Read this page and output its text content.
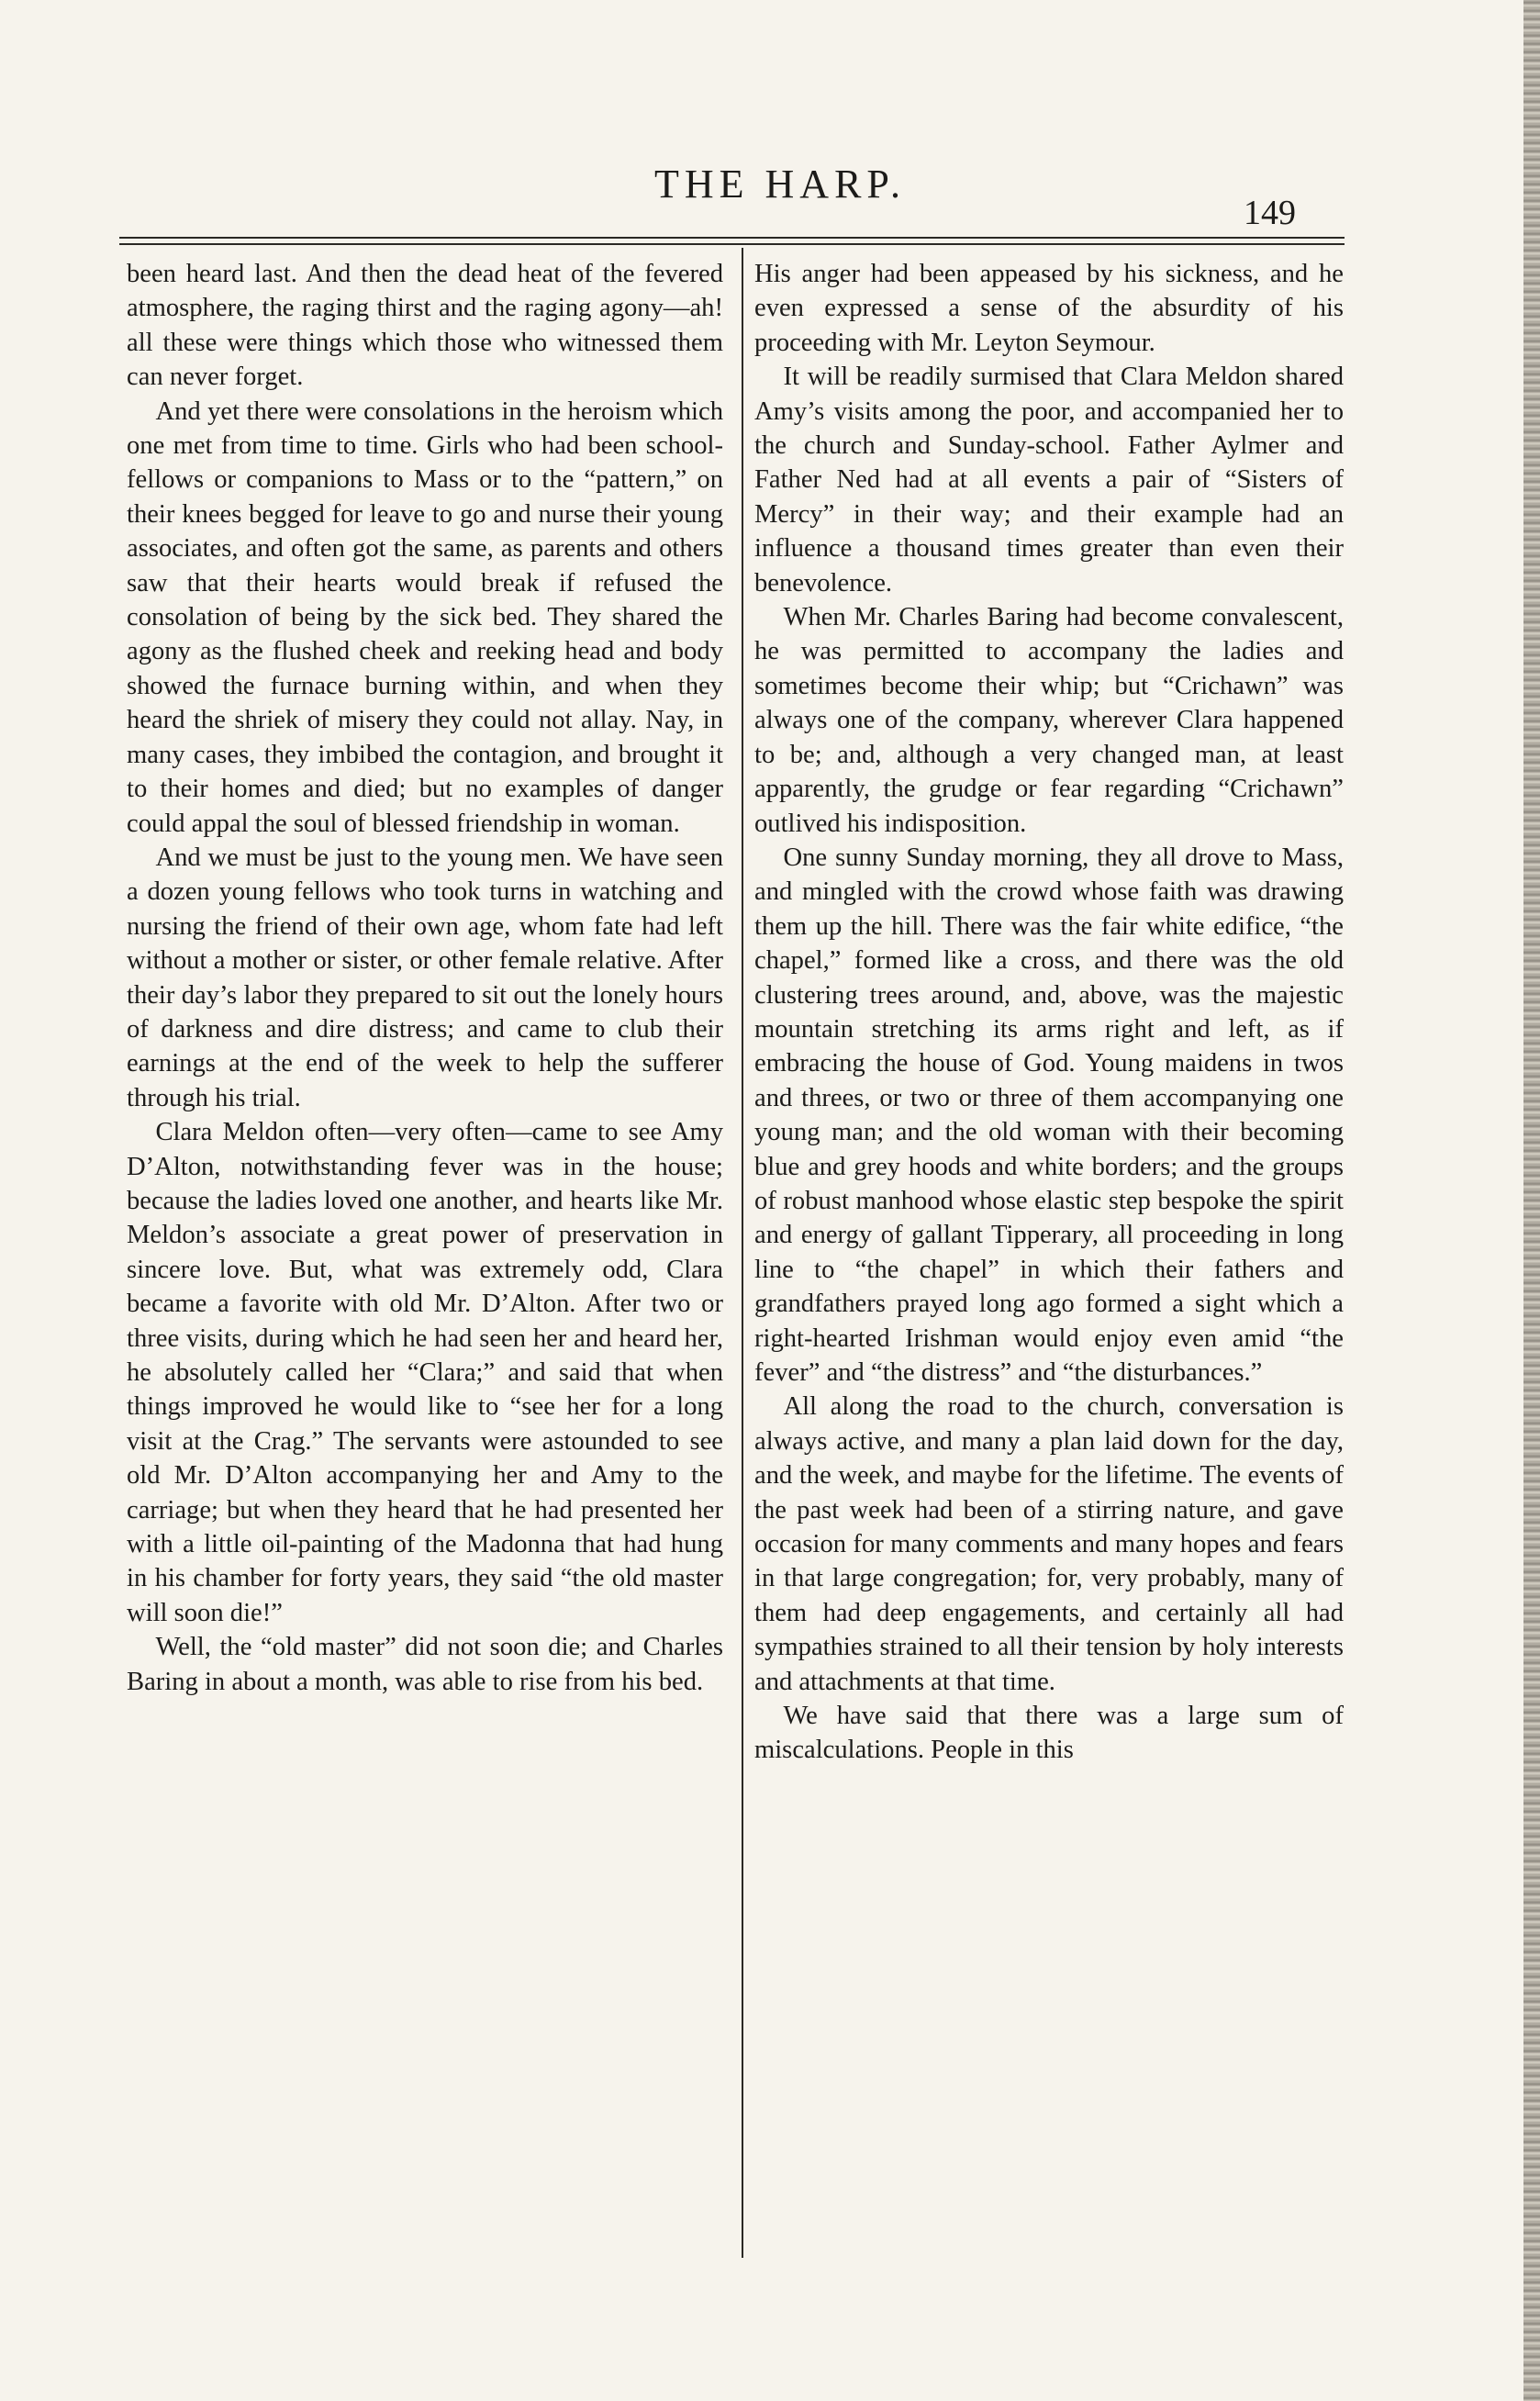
THE HARP.
149

been heard last. And then the dead heat of the fevered atmosphere, the raging thirst and the raging agony—ah! all these were things which those who witnessed them can never forget.

And yet there were consolations in the heroism which one met from time to time. Girls who had been school-fellows or companions to Mass or to the “pattern,” on their knees begged for leave to go and nurse their young associates, and often got the same, as parents and others saw that their hearts would break if refused the consolation of being by the sick bed. They shared the agony as the flushed cheek and reeking head and body showed the furnace burning within, and when they heard the shriek of misery they could not allay. Nay, in many cases, they imbibed the contagion, and brought it to their homes and died; but no examples of danger could appal the soul of blessed friendship in woman.

And we must be just to the young men. We have seen a dozen young fellows who took turns in watching and nursing the friend of their own age, whom fate had left without a mother or sister, or other female relative. After their day’s labor they prepared to sit out the lonely hours of darkness and dire distress; and came to club their earnings at the end of the week to help the sufferer through his trial.

Clara Meldon often—very often—came to see Amy D’Alton, notwithstanding fever was in the house; because the ladies loved one another, and hearts like Mr. Meldon’s associate a great power of preservation in sincere love. But, what was extremely odd, Clara became a favorite with old Mr. D’Alton. After two or three visits, during which he had seen her and heard her, he absolutely called her “Clara;” and said that when things improved he would like to “see her for a long visit at the Crag.” The servants were astounded to see old Mr. D’Alton accompanying her and Amy to the carriage; but when they heard that he had presented her with a little oil-painting of the Madonna that had hung in his chamber for forty years, they said “the old master will soon die!”

Well, the “old master” did not soon die; and Charles Baring in about a month, was able to rise from his bed.

His anger had been appeased by his sickness, and he even expressed a sense of the absurdity of his proceeding with Mr. Leyton Seymour.

It will be readily surmised that Clara Meldon shared Amy’s visits among the poor, and accompanied her to the church and Sunday-school. Father Aylmer and Father Ned had at all events a pair of “Sisters of Mercy” in their way; and their example had an influence a thousand times greater than even their benevolence.

When Mr. Charles Baring had become convalescent, he was permitted to accompany the ladies and sometimes become their whip; but “Crichawn” was always one of the company, wherever Clara happened to be; and, although a very changed man, at least apparently, the grudge or fear regarding “Crichawn” outlived his indisposition.

One sunny Sunday morning, they all drove to Mass, and mingled with the crowd whose faith was drawing them up the hill. There was the fair white edifice, “the chapel,” formed like a cross, and there was the old clustering trees around, and, above, was the majestic mountain stretching its arms right and left, as if embracing the house of God. Young maidens in twos and threes, or two or three of them accompanying one young man; and the old woman with their becoming blue and grey hoods and white borders; and the groups of robust manhood whose elastic step bespoke the spirit and energy of gallant Tipperary, all proceeding in long line to “the chapel” in which their fathers and grandfathers prayed long ago formed a sight which a right-hearted Irishman would enjoy even amid “the fever” and “the distress” and “the disturbances.”

All along the road to the church, conversation is always active, and many a plan laid down for the day, and the week, and maybe for the lifetime. The events of the past week had been of a stirring nature, and gave occasion for many comments and many hopes and fears in that large congregation; for, very probably, many of them had deep engagements, and certainly all had sympathies strained to all their tension by holy interests and attachments at that time.

We have said that there was a large sum of miscalculations. People in this
